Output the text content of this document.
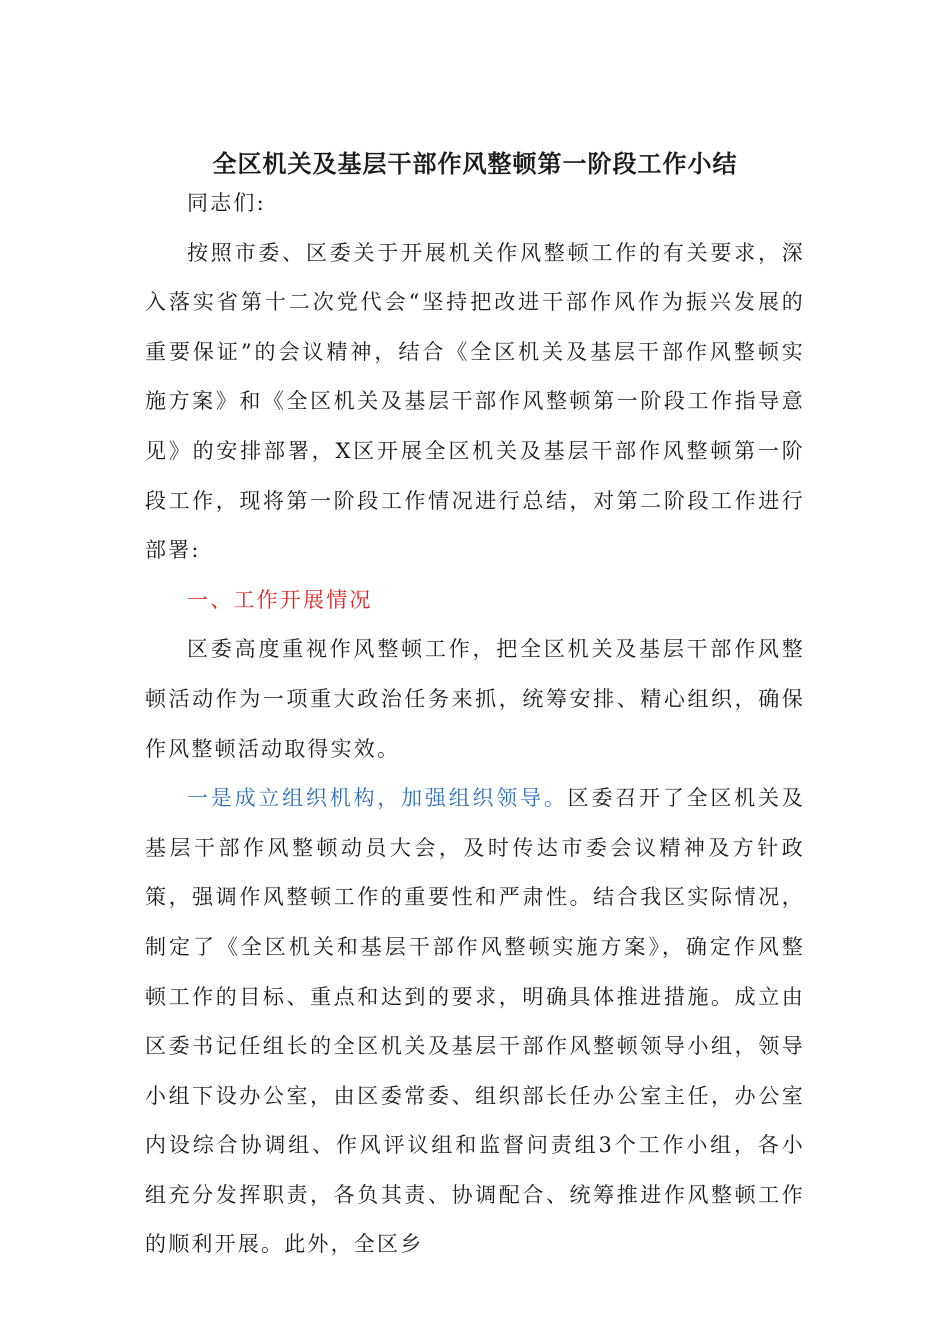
全区机关及基层干部作风整顿第一阶段工作小结

同志们:

按照市委、区委关于开展机关作风整顿工作的有关要求，深入落实省第十二次党代会“坚持把改进干部作风作为振兴发展的重要保证”的会议精神，结合《全区机关及基层干部作风整顿实施方案》和《全区机关及基层干部作风整顿第一阶段工作指导意见》的安排部署，X区开展全区机关及基层干部作风整顿第一阶段工作，现将第一阶段工作情况进行总结，对第二阶段工作进行部署:

一、工作开展情况

区委高度重视作风整顿工作，把全区机关及基层干部作风整顿活动作为一项重大政治任务来抓，统筹安排、精心组织，确保作风整顿活动取得实效。

一是成立组织机构，加强组织领导。区委召开了全区机关及基层干部作风整顿动员大会，及时传达市委会议精神及方针政策，强调作风整顿工作的重要性和严肃性。结合我区实际情况，制定了《全区机关和基层干部作风整顿实施方案》，确定作风整顿工作的目标、重点和达到的要求，明确具体推进措施。成立由区委书记任组长的全区机关及基层干部作风整顿领导小组，领导小组下设办公室，由区委常委、组织部长任办公室主任，办公室内设综合协调组、作风评议组和监督问责组3个工作小组，各小组充分发挥职责，各负其责、协调配合、统筹推进作风整顿工作的顺利开展。此外，全区乡
